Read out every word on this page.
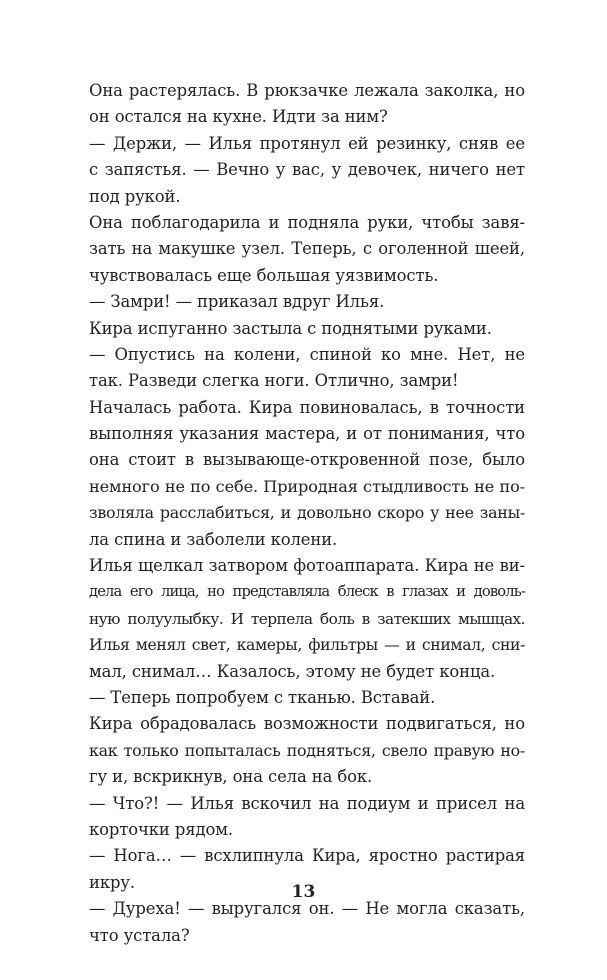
Она растерялась. В рюкзачке лежала заколка, но
он остался на кухне. Идти за ним?
— Держи, — Илья протянул ей резинку, сняв ее
с запястья. — Вечно у вас, у девочек, ничего нет
под рукой.
Она поблагодарила и подняла руки, чтобы завя-
зать на макушке узел. Теперь, с оголенной шеей,
чувствовалась еще большая уязвимость.
— Замри! — приказал вдруг Илья.
Кира испуганно застыла с поднятыми руками.
— Опустись на колени, спиной ко мне. Нет, не
так. Разведи слегка ноги. Отлично, замри!
Началась работа. Кира повиновалась, в точности
выполняя указания мастера, и от понимания, что
она стоит в вызывающе-откровенной позе, было
немного не по себе. Природная стыдливость не по-
зволяла расслабиться, и довольно скоро у нее заны-
ла спина и заболели колени.
Илья щелкал затвором фотоаппарата. Кира не ви-
дела его лица, но представляла блеск в глазах и доволь-
ную полуулыбку. И терпела боль в затекших мышцах.
Илья менял свет, камеры, фильтры — и снимал, сни-
мал, снимал… Казалось, этому не будет конца.
— Теперь попробуем с тканью. Вставай.
Кира обрадовалась возможности подвигаться, но
как только попыталась подняться, свело правую но-
гу и, вскрикнув, она села на бок.
— Что?! — Илья вскочил на подиум и присел на
корточки рядом.
— Нога… — всхлипнула Кира, яростно растирая
икру.
— Дуреха! — выругался он. — Не могла сказать,
что устала?
13
